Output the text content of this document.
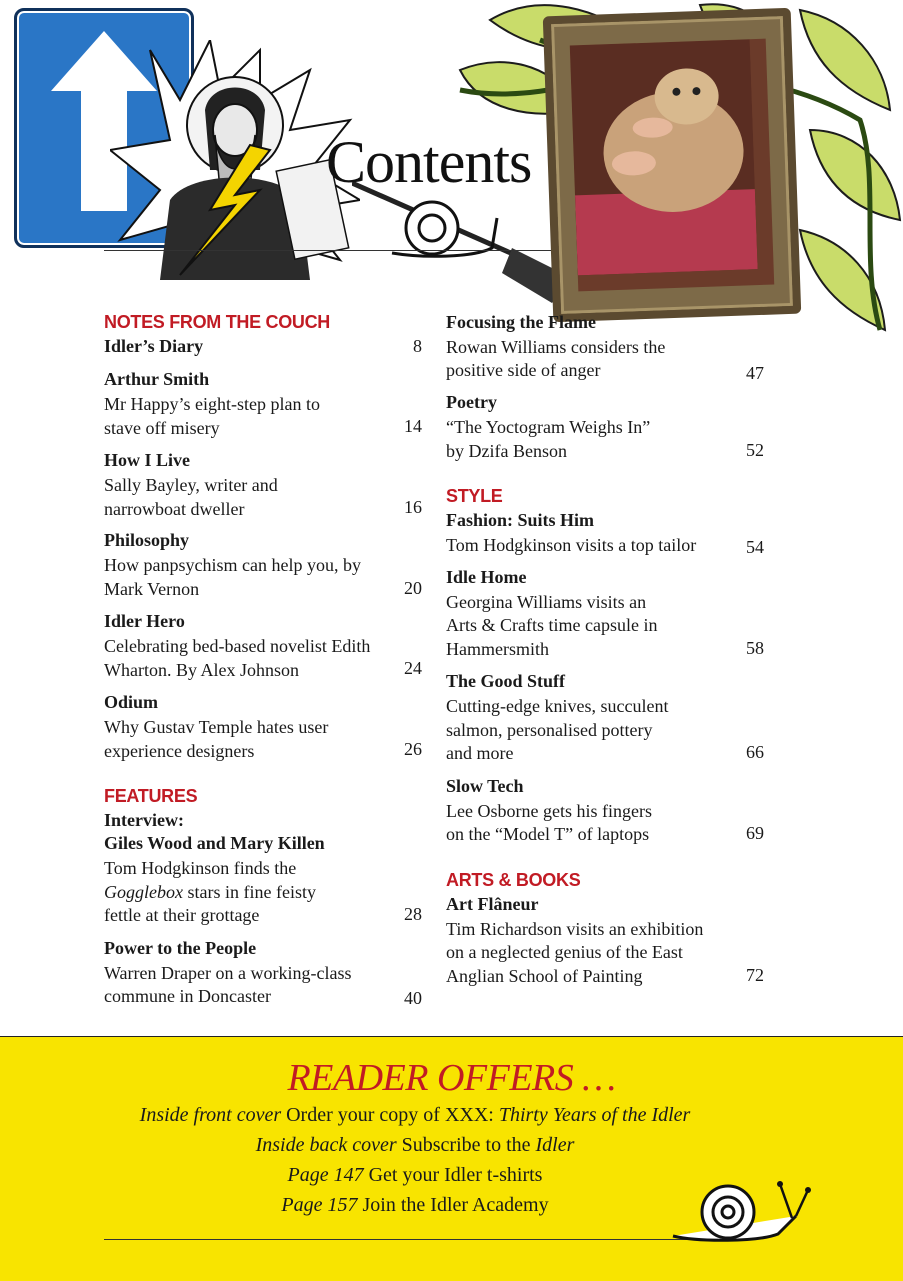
Contents
NOTES FROM THE COUCH
Idler’s Diary	8
Arthur Smith
Mr Happy’s eight-step plan to stave off misery	14
How I Live
Sally Bayley, writer and narrowboat dweller	16
Philosophy
How panpsychism can help you, by Mark Vernon	20
Idler Hero
Celebrating bed-based novelist Edith Wharton. By Alex Johnson	24
Odium
Why Gustav Temple hates user experience designers	26
FEATURES
Interview:
Giles Wood and Mary Killen
Tom Hodgkinson finds the
Gogglebox stars in fine feisty
fettle at their grottage	28
Power to the People
Warren Draper on a working-class
commune in Doncaster	40
Focusing the Flame
Rowan Williams considers the
positive side of anger	47
Poetry
“The Yoctogram Weighs In”
by Dzifa Benson	52
STYLE
Fashion: Suits Him
Tom Hodgkinson visits a top tailor	54
Idle Home
Georgina Williams visits an
Arts & Crafts time capsule in
Hammersmith	58
The Good Stuff
Cutting-edge knives, succulent
salmon, personalised pottery
and more	66
Slow Tech
Lee Osborne gets his fingers
on the “Model T” of laptops	69
ARTS & BOOKS
Art Flâneur
Tim Richardson visits an exhibition
on a neglected genius of the East
Anglian School of Painting	72
READER OFFERS …
Inside front cover Order your copy of XXX: Thirty Years of the Idler
Inside back cover Subscribe to the Idler
Page 147 Get your Idler t-shirts
Page 157 Join the Idler Academy
